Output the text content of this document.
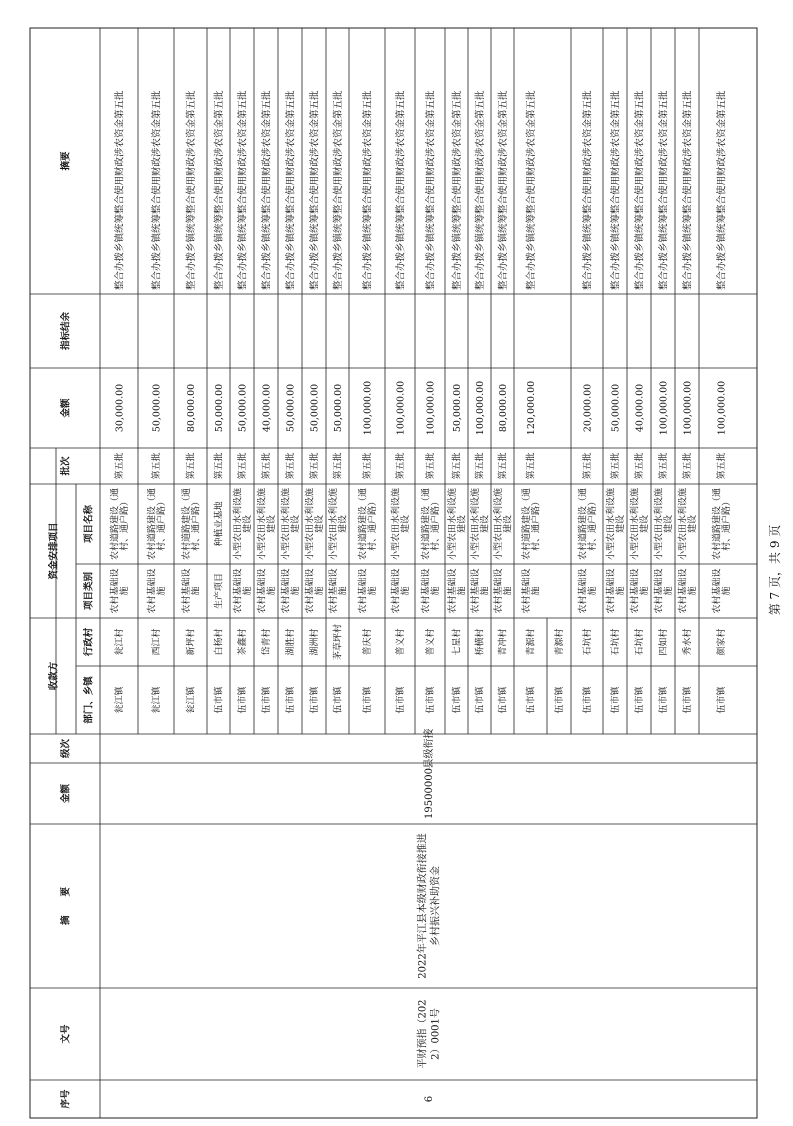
序号
文号
摘　　要
金额
级次
收款方
部门、乡镇
行政村
资金安排项目
项目类别
项目名称
批次
金额
指标结余
摘要
瓮江镇
瓮江村
农村基础设施
农村道路建设（通村、通户路）
第五批
30,000.00
整合办拨乡镇统筹整合使用财政涉农资金第五批
瓮江镇
西江村
农村基础设施
农村道路建设（通村、通户路）
第五批
50,000.00
整合办拨乡镇统筹整合使用财政涉农资金第五批
瓮江镇
新坪村
农村基础设施
农村道路建设（通村、通户路）
第五批
80,000.00
整合办拨乡镇统筹整合使用财政涉农资金第五批
伍市镇
白杨村
生产项目
种植业基地
第五批
50,000.00
整合办拨乡镇统筹整合使用财政涉农资金第五批
伍市镇
茶鑫村
农村基础设施
小型农田水利设施建设
第五批
50,000.00
整合办拨乡镇统筹整合使用财政涉农资金第五批
伍市镇
岱青村
农村基础设施
小型农田水利设施建设
第五批
40,000.00
整合办拨乡镇统筹整合使用财政涉农资金第五批
伍市镇
湖胜村
农村基础设施
小型农田水利设施建设
第五批
50,000.00
整合办拨乡镇统筹整合使用财政涉农资金第五批
伍市镇
湖洲村
农村基础设施
小型农田水利设施建设
第五批
50,000.00
整合办拨乡镇统筹整合使用财政涉农资金第五批
伍市镇
茅草坪村
农村基础设施
小型农田水利设施建设
第五批
50,000.00
整合办拨乡镇统筹整合使用财政涉农资金第五批
伍市镇
普庆村
农村基础设施
农村道路建设（通村、通户路）
第五批
100,000.00
整合办拨乡镇统筹整合使用财政涉农资金第五批
伍市镇
普义村
农村基础设施
小型农田水利设施建设
第五批
100,000.00
整合办拨乡镇统筹整合使用财政涉农资金第五批
伍市镇
普义村
农村基础设施
农村道路建设（通村、通户路）
第五批
100,000.00
整合办拨乡镇统筹整合使用财政涉农资金第五批
伍市镇
七星村
农村基础设施
小型农田水利设施建设
第五批
50,000.00
整合办拨乡镇统筹整合使用财政涉农资金第五批
伍市镇
桥横村
农村基础设施
小型农田水利设施建设
第五批
100,000.00
整合办拨乡镇统筹整合使用财政涉农资金第五批
伍市镇
青冲村
农村基础设施
小型农田水利设施建设
第五批
80,000.00
整合办拨乡镇统筹整合使用财政涉农资金第五批
伍市镇
青源村
农村基础设施
农村道路建设（通村、通户路）
第五批
120,000.00
整合办拨乡镇统筹整合使用财政涉农资金第五批
伍市镇
青源村
伍市镇
石坑村
农村基础设施
农村道路建设（通村、通户路）
第五批
20,000.00
整合办拨乡镇统筹整合使用财政涉农资金第五批
伍市镇
石坑村
农村基础设施
小型农田水利设施建设
第五批
50,000.00
整合办拨乡镇统筹整合使用财政涉农资金第五批
伍市镇
石坑村
农村基础设施
小型农田水利设施建设
第五批
40,000.00
整合办拨乡镇统筹整合使用财政涉农资金第五批
伍市镇
四如村
农村基础设施
小型农田水利设施建设
第五批
100,000.00
整合办拨乡镇统筹整合使用财政涉农资金第五批
伍市镇
秀水村
农村基础设施
小型农田水利设施建设
第五批
100,000.00
整合办拨乡镇统筹整合使用财政涉农资金第五批
伍市镇
颜家村
农村基础设施
农村道路建设（通村、通户路）
第五批
100,000.00
整合办拨乡镇统筹整合使用财政涉农资金第五批
6
平财预指（202 2）0001号
2022年平江县本级财政衔接推进 乡村振兴补助资金
19500000
县级衔接
第 7 页，共 9 页
